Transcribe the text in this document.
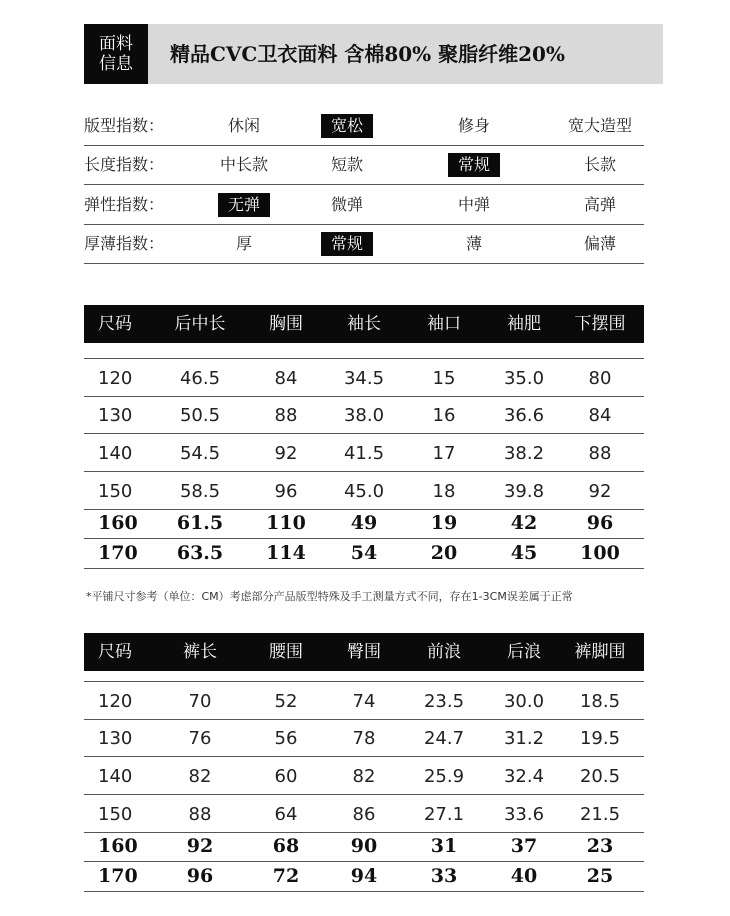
面料
信息 精品CVC卫衣面料 含棉80% 聚脂纤维20%
版型指数：	休闲	宽松	修身	宽大造型
长度指数：	中长款	短款	常规	长款
弹性指数：	无弹	微弹	中弹	高弹
厚薄指数：	厚	常规	薄	偏薄
尺码	后中长	胸围	袖长	袖口	袖肥 下摆围
120	46.5	84	34.5	15	35.0 80
130	50.5	88	38.0	16	36.6 84
140	54.5	92	41.5	17	38.2 88
150	58.5	96	45.0	18	39.8 92
160 61.5 110 49	19	42	96
170 63.5 114 54	20	45 100
*平铺尺寸参考（单位：CM）考虑部分产品版型特殊及手工测量方式不同，存在1-3CM误差属于正常
尺码	裤长	腰围	臀围	前浪	后浪 裤脚围
120	70	52	74	23.5 30.0 18.5
130	76	56	78	24.7 31.2 19.5
140	82	60	82	25.9 32.4 20.5
150	88	64	86	27.1 33.6 21.5
160	92	68	90	31	37	23
170	96	72	94	33	40	25
